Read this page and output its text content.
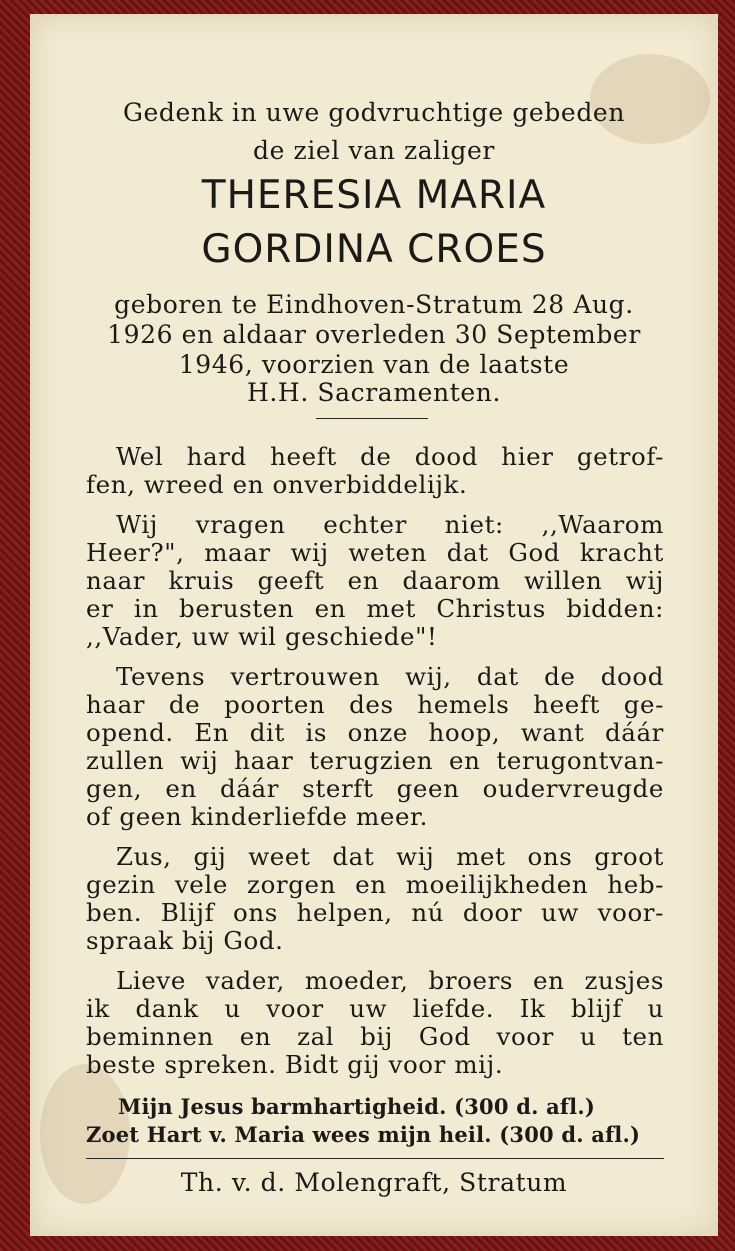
Gedenk in uwe godvruchtige gebeden
de ziel van zaliger
THERESIA MARIA
GORDINA CROES
geboren te Eindhoven-Stratum 28 Aug.
1926 en aldaar overleden 30 September
1946, voorzien van de laatste
H.H. Sacramenten.
Wel hard heeft de dood hier getrof-
fen, wreed en onverbiddelijk.
Wij vragen echter niet: ,,Waarom
Heer?", maar wij weten dat God kracht
naar kruis geeft en daarom willen wij
er in berusten en met Christus bidden:
,,Vader, uw wil geschiede"!
Tevens vertrouwen wij, dat de dood
haar de poorten des hemels heeft ge-
opend. En dit is onze hoop, want dáár
zullen wij haar terugzien en terugontvan-
gen, en dáár sterft geen oudervreugde
of geen kinderliefde meer.
Zus, gij weet dat wij met ons groot
gezin vele zorgen en moeilijkheden heb-
ben. Blijf ons helpen, nú door uw voor-
spraak bij God.
Lieve vader, moeder, broers en zusjes
ik dank u voor uw liefde. Ik blijf u
beminnen en zal bij God voor u ten
beste spreken. Bidt gij voor mij.
Mijn Jesus barmhartigheid. (300 d. afl.)
Zoet Hart v. Maria wees mijn heil. (300 d. afl.)
Th. v. d. Molengraft, Stratum
